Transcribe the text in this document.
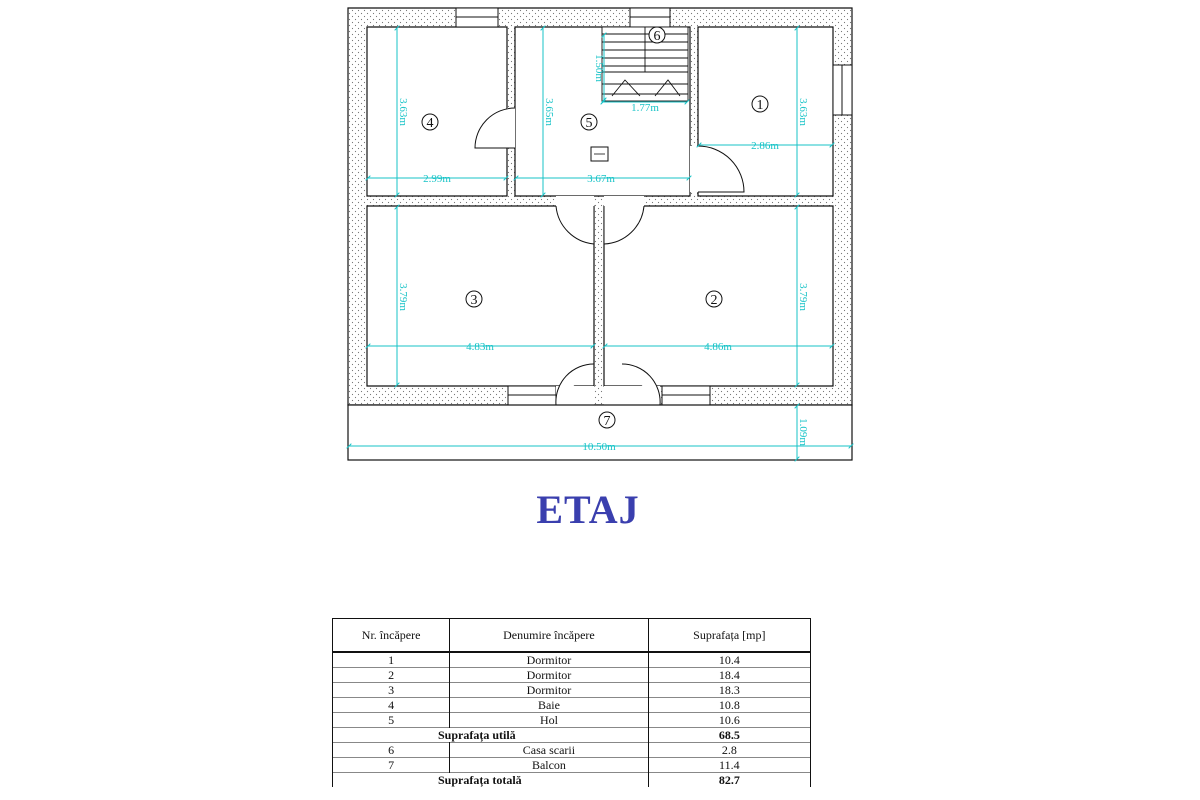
2.99m
3.63m
3.67m
3.65m	1.77m
1.50m
2.86m
3.63m
4.83m
3.79m
4.86m
3.79m
10.50m
1.09m
1
2
3
4	5
6
7
ETAJ
Nr. încăpere	Denumire încăpere	Suprafața [mp]
1	Dormitor	10.4
2	Dormitor	18.4
3	Dormitor	18.3
4	Baie	10.8
5	Hol	10.6
Suprafața utilă		68.5
6	Casa scarii	2.8
7	Balcon	11.4
Suprafața totală		82.7
